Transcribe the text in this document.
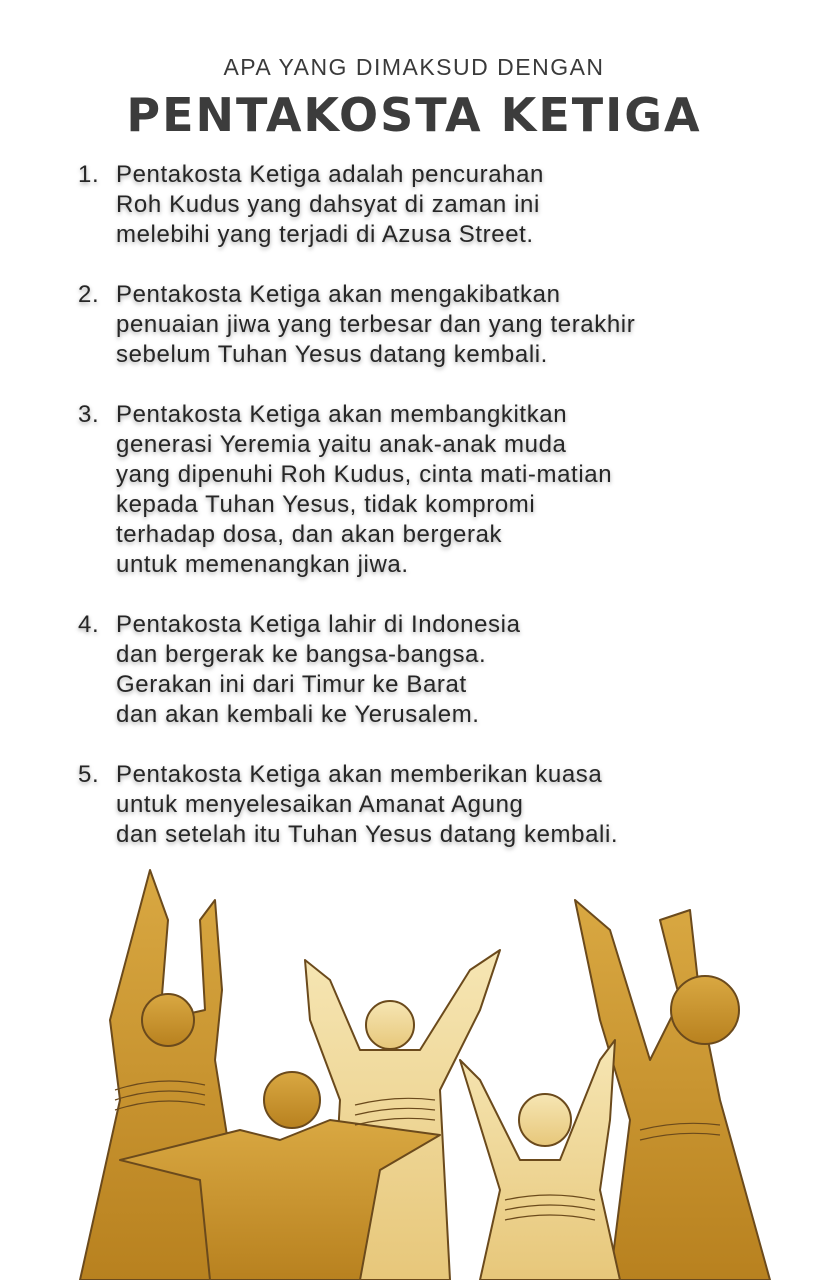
APA YANG DIMAKSUD DENGAN
PENTAKOSTA KETIGA
1. Pentakosta Ketiga adalah pencurahan
Roh Kudus yang dahsyat di zaman ini
melebihi yang terjadi di Azusa Street.
2. Pentakosta Ketiga akan mengakibatkan
penuaian jiwa yang terbesar dan yang terakhir
sebelum Tuhan Yesus datang kembali.
3. Pentakosta Ketiga akan membangkitkan
generasi Yeremia yaitu anak-anak muda
yang dipenuhi Roh Kudus, cinta mati-matian
kepada Tuhan Yesus, tidak kompromi
terhadap dosa, dan akan bergerak
untuk memenangkan jiwa.
4. Pentakosta Ketiga lahir di Indonesia
dan bergerak ke bangsa-bangsa.
Gerakan ini dari Timur ke Barat
dan akan kembali ke Yerusalem.
5. Pentakosta Ketiga akan memberikan kuasa
untuk menyelesaikan Amanat Agung
dan setelah itu Tuhan Yesus datang kembali.
